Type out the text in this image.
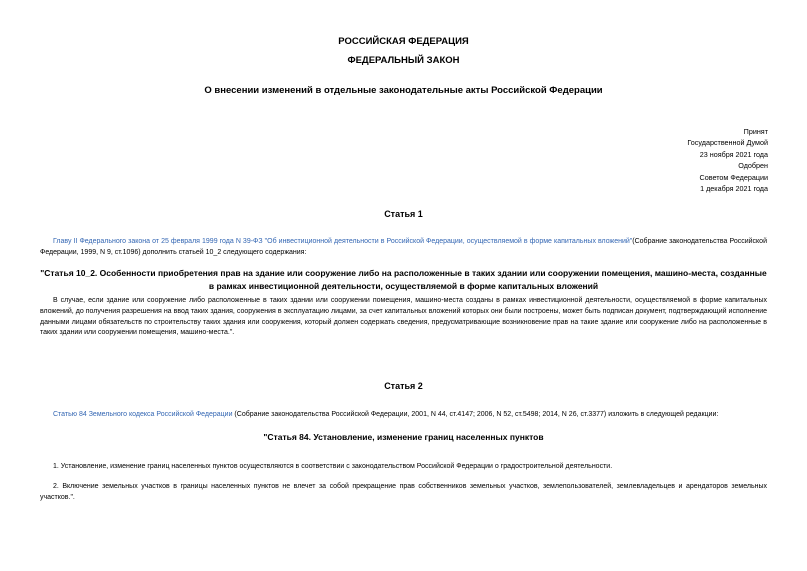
РОССИЙСКАЯ ФЕДЕРАЦИЯ
ФЕДЕРАЛЬНЫЙ ЗАКОН
О внесении изменений в отдельные законодательные акты Российской Федерации
Принят
Государственной Думой
23 ноября 2021 года
Одобрен
Советом Федерации
1 декабря 2021 года
Статья 1
Главу II Федерального закона от 25 февраля 1999 года N 39-ФЗ "Об инвестиционной деятельности в Российской Федерации, осуществляемой в форме капитальных вложений"(Собрание законодательства Российской Федерации, 1999, N 9, ст.1096) дополнить статьей 10_2 следующего содержания:
"Статья 10_2. Особенности приобретения прав на здание или сооружение либо на расположенные в таких здании или сооружении помещения, машино-места, созданные в рамках инвестиционной деятельности, осуществляемой в форме капитальных вложений
В случае, если здание или сооружение либо расположенные в таких здании или сооружении помещения, машино-места созданы в рамках инвестиционной деятельности, осуществляемой в форме капитальных вложений, до получения разрешения на ввод таких здания, сооружения в эксплуатацию лицами, за счет капитальных вложений которых они были построены, может быть подписан документ, подтверждающий исполнение данными лицами обязательств по строительству таких здания или сооружения, который должен содержать сведения, предусматривающие возникновение прав на такие здание или сооружение либо на расположенные в таких здании или сооружении помещения, машино-места.".
Статья 2
Статью 84 Земельного кодекса Российской Федерации (Собрание законодательства Российской Федерации, 2001, N 44, ст.4147; 2006, N 52, ст.5498; 2014, N 26, ст.3377) изложить в следующей редакции:
"Статья 84. Установление, изменение границ населенных пунктов
1. Установление, изменение границ населенных пунктов осуществляются в соответствии с законодательством Российской Федерации о градостроительной деятельности.
2. Включение земельных участков в границы населенных пунктов не влечет за собой прекращение прав собственников земельных участков, землепользователей, землевладельцев и арендаторов земельных участков.".
